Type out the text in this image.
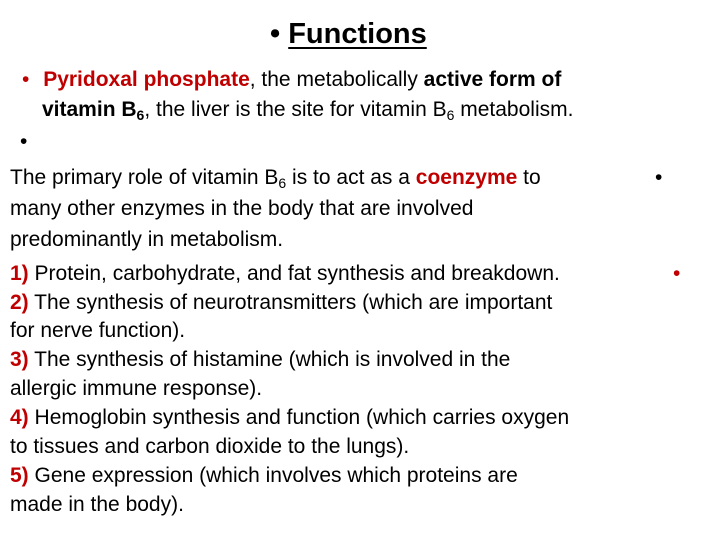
• Functions
• Pyridoxal phosphate, the metabolically active form of
vitamin B6, the liver is the site for vitamin B6 metabolism.
•
The primary role of vitamin B6 is to act as a coenzyme to	•
many other enzymes in the body that are involved
predominantly in metabolism.
1) Protein, carbohydrate, and fat synthesis and breakdown.	•
2) The synthesis of neurotransmitters (which are important
for nerve function).
3) The synthesis of histamine (which is involved in the
allergic immune response).
4) Hemoglobin synthesis and function (which carries oxygen
to tissues and carbon dioxide to the lungs).
5) Gene expression (which involves which proteins are
made in the body).
